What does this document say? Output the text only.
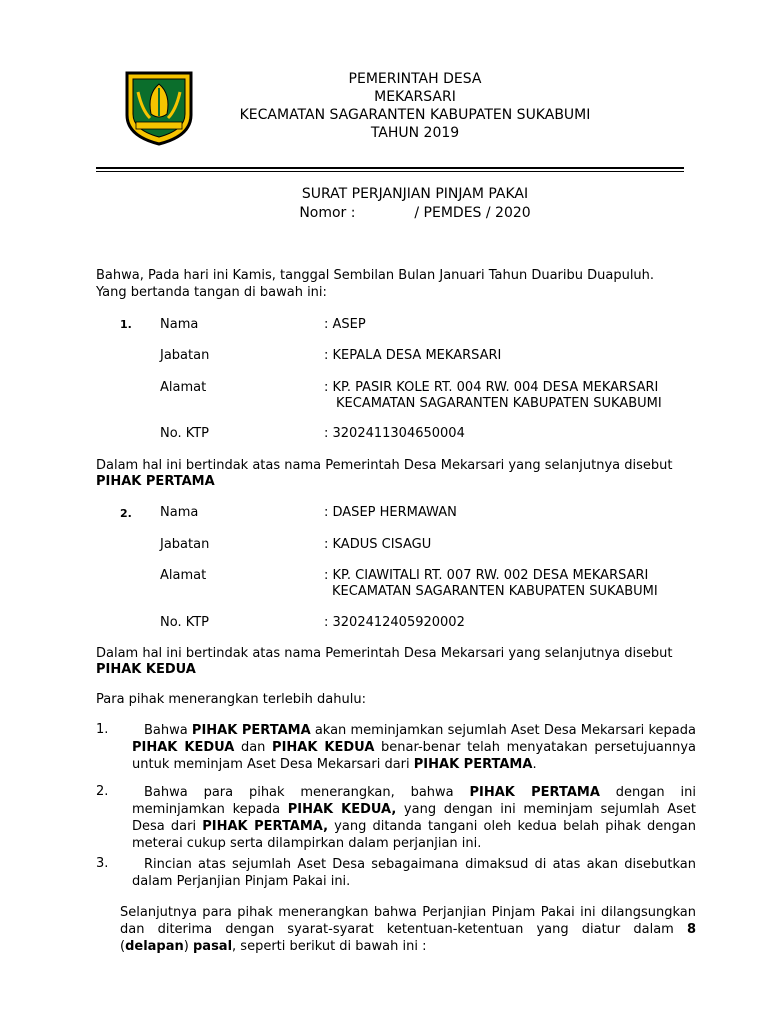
PEMERINTAH DESA
MEKARSARI
KECAMATAN SAGARANTEN KABUPATEN SUKABUMI
TAHUN 2019
SURAT PERJANJIAN PINJAM PAKAI
Nomor :	/ PEMDES / 2020
Bahwa, Pada hari ini Kamis, tanggal Sembilan Bulan Januari Tahun Duaribu Duapuluh.
Yang bertanda tangan di bawah ini:
1. Nama	: ASEP
Jabatan	: KEPALA DESA MEKARSARI
Alamat	: KP. PASIR KOLE RT. 004 RW. 004 DESA MEKARSARI
KECAMATAN SAGARANTEN KABUPATEN SUKABUMI
No. KTP	: 3202411304650004
Dalam hal ini bertindak atas nama Pemerintah Desa Mekarsari yang selanjutnya disebut
PIHAK PERTAMA
2. Nama	: DASEP HERMAWAN
Jabatan	: KADUS CISAGU
Alamat	: KP. CIAWITALI RT. 007 RW. 002 DESA MEKARSARI
KECAMATAN SAGARANTEN KABUPATEN SUKABUMI
No. KTP	: 3202412405920002
Dalam hal ini bertindak atas nama Pemerintah Desa Mekarsari yang selanjutnya disebut
PIHAK KEDUA
Para pihak menerangkan terlebih dahulu:
1.	Bahwa PIHAK PERTAMA akan meminjamkan sejumlah Aset Desa Mekarsari kepada PIHAK KEDUA dan PIHAK KEDUA benar-benar telah menyatakan persetujuannya untuk meminjam Aset Desa Mekarsari dari PIHAK PERTAMA.
2.	Bahwa para pihak menerangkan, bahwa PIHAK PERTAMA dengan ini meminjamkan kepada PIHAK KEDUA, yang dengan ini meminjam sejumlah Aset Desa dari PIHAK PERTAMA, yang ditanda tangani oleh kedua belah pihak dengan meterai cukup serta dilampirkan dalam perjanjian ini.
3.	Rincian atas sejumlah Aset Desa sebagaimana dimaksud di atas akan disebutkan dalam Perjanjian Pinjam Pakai ini.
Selanjutnya para pihak menerangkan bahwa Perjanjian Pinjam Pakai ini dilangsungkan dan diterima dengan syarat-syarat ketentuan-ketentuan yang diatur dalam 8 (delapan) pasal, seperti berikut di bawah ini :
